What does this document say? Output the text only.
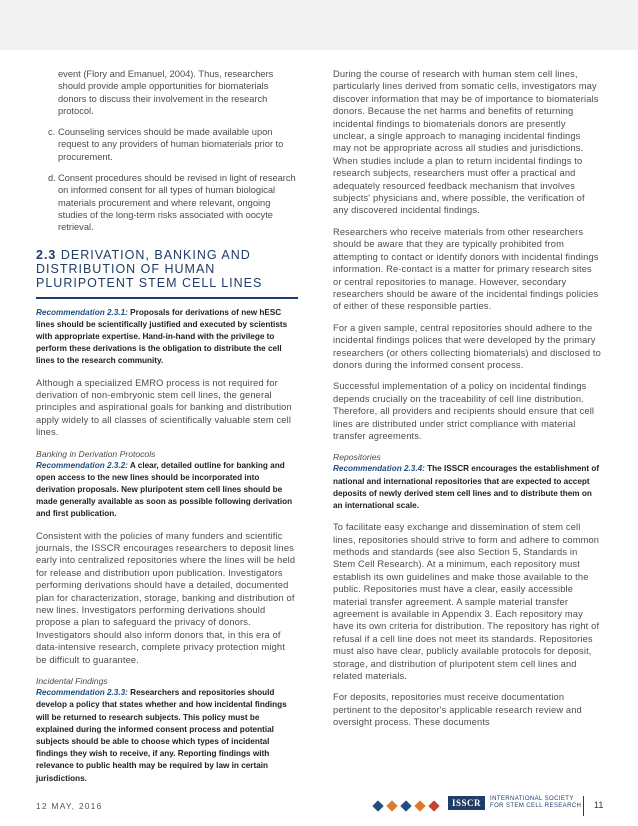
event (Flory and Emanuel, 2004). Thus, researchers should provide ample opportunities for biomaterials donors to discuss their involvement in the research protocol.

c. Counseling services should be made available upon request to any providers of human biomaterials prior to procurement.

d. Consent procedures should be revised in light of research on informed consent for all types of human biological materials procurement and where relevant, ongoing studies of the long-term risks associated with oocyte retrieval.

2.3 DERIVATION, BANKING AND DISTRIBUTION OF HUMAN PLURIPOTENT STEM CELL LINES

Recommendation 2.3.1: Proposals for derivations of new hESC lines should be scientifically justified and executed by scientists with appropriate expertise. Hand-in-hand with the privilege to perform these derivations is the obligation to distribute the cell lines to the research community.

Although a specialized EMRO process is not required for derivation of non-embryonic stem cell lines, the general principles and aspirational goals for banking and distribution apply widely to all classes of scientifically valuable stem cell lines.

Banking in Derivation Protocols

Recommendation 2.3.2: A clear, detailed outline for banking and open access to the new lines should be incorporated into derivation proposals. New pluripotent stem cell lines should be made generally available as soon as possible following derivation and first publication.

Consistent with the policies of many funders and scientific journals, the ISSCR encourages researchers to deposit lines early into centralized repositories where the lines will be held for release and distribution upon publication. Investigators performing derivations should have a detailed, documented plan for characterization, storage, banking and distribution of new lines. Investigators performing derivations should propose a plan to safeguard the privacy of donors. Investigators should also inform donors that, in this era of data-intensive research, complete privacy protection might be difficult to guarantee.

Incidental Findings

Recommendation 2.3.3: Researchers and repositories should develop a policy that states whether and how incidental findings will be returned to research subjects. This policy must be explained during the informed consent process and potential subjects should be able to choose which types of incidental findings they wish to receive, if any. Reporting findings with relevance to public health may be required by law in certain jurisdictions.

During the course of research with human stem cell lines, particularly lines derived from somatic cells, investigators may discover information that may be of importance to biomaterials donors. Because the net harms and benefits of returning incidental findings to biomaterials donors are presently unclear, a single approach to managing incidental findings may not be appropriate across all studies and jurisdictions. When studies include a plan to return incidental findings to research subjects, researchers must offer a practical and adequately resourced feedback mechanism that involves subjects' physicians and, where possible, the verification of any discovered incidental findings.

Researchers who receive materials from other researchers should be aware that they are typically prohibited from attempting to contact or identify donors with incidental findings information. Re-contact is a matter for primary research sites or central repositories to manage. However, secondary researchers should be aware of the incidental findings policies of either of these responsible parties.

For a given sample, central repositories should adhere to the incidental findings polices that were developed by the primary researchers (or others collecting biomaterials) and disclosed to donors during the informed consent process.

Successful implementation of a policy on incidental findings depends crucially on the traceability of cell line distribution. Therefore, all providers and recipients should ensure that cell lines are distributed under strict compliance with material transfer agreements.

Repositories

Recommendation 2.3.4: The ISSCR encourages the establishment of national and international repositories that are expected to accept deposits of newly derived stem cell lines and to distribute them on an international scale.

To facilitate easy exchange and dissemination of stem cell lines, repositories should strive to form and adhere to common methods and standards (see also Section 5, Standards in Stem Cell Research). At a minimum, each repository must establish its own guidelines and make those available to the public. Repositories must have a clear, easily accessible material transfer agreement. A sample material transfer agreement is available in Appendix 3. Each repository may have its own criteria for distribution. The repository has right of refusal if a cell line does not meet its standards. Repositories must also have clear, publicly available protocols for deposit, storage, and distribution of pluripotent stem cell lines and related materials.

For deposits, repositories must receive documentation pertinent to the depositor's applicable research review and oversight process. These documents

12 MAY, 2016	ISSCR	INTERNATIONAL SOCIETY
FOR STEM CELL RESEARCH 11
